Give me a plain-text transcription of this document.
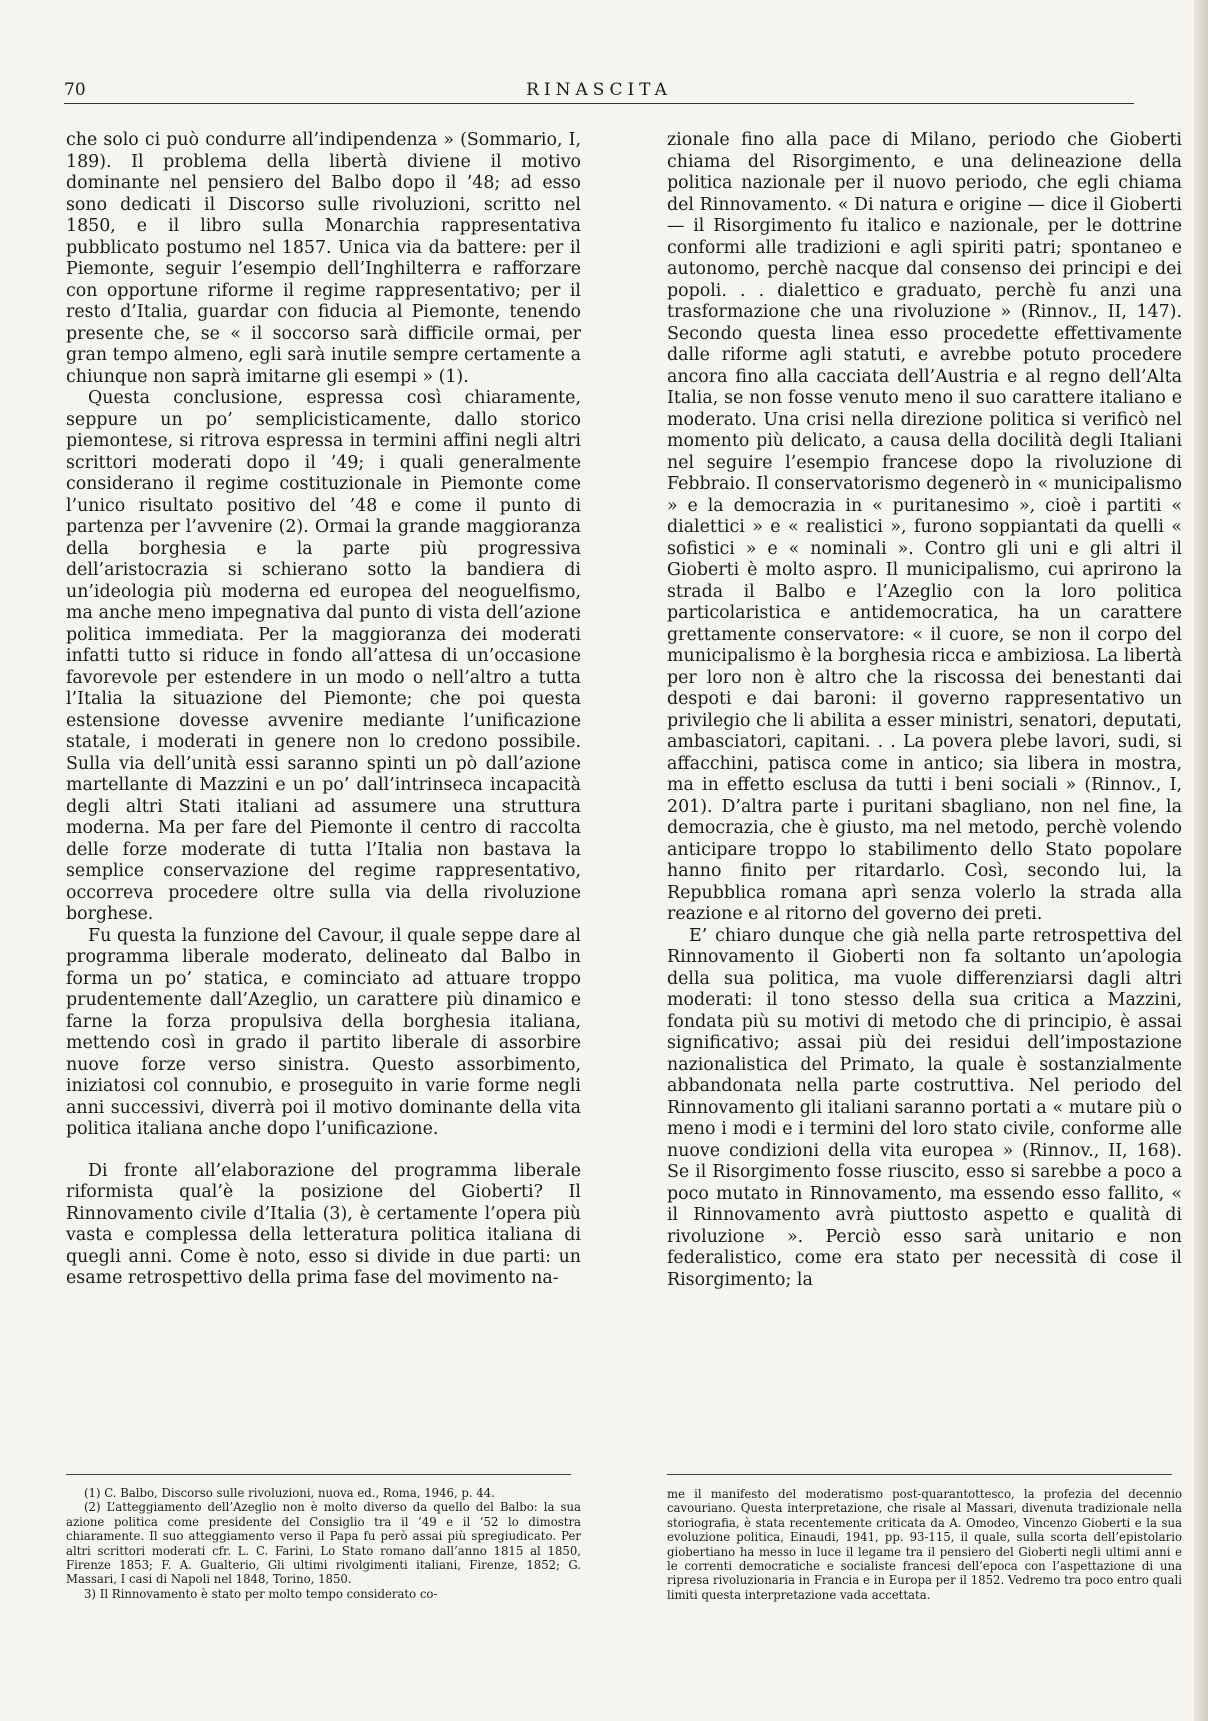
70	RINASCITA

che solo ci può condurre all’indipendenza » (Sommario, I, 189). Il problema della libertà diviene il motivo dominante nel pensiero del Balbo dopo il ’48; ad esso sono dedicati il Discorso sulle rivoluzioni, scritto nel 1850, e il libro sulla Monarchia rappresentativa pubblicato postumo nel 1857. Unica via da battere: per il Piemonte, seguir l’esempio dell’Inghilterra e rafforzare con opportune riforme il regime rappresentativo; per il resto d’Italia, guardar con fiducia al Piemonte, tenendo presente che, se « il soccorso sarà difficile ormai, per gran tempo almeno, egli sarà inutile sempre certamente a chiunque non saprà imitarne gli esempi » (1).

Questa conclusione, espressa così chiaramente, seppure un po’ semplicisticamente, dallo storico piemontese, si ritrova espressa in termini affini negli altri scrittori moderati dopo il ’49; i quali generalmente considerano il regime costituzionale in Piemonte come l’unico risultato positivo del ’48 e come il punto di partenza per l’avvenire (2). Ormai la grande maggioranza della borghesia e la parte più progressiva dell’aristocrazia si schierano sotto la bandiera di un’ideologia più moderna ed europea del neoguelfismo, ma anche meno impegnativa dal punto di vista dell’azione politica immediata. Per la maggioranza dei moderati infatti tutto si riduce in fondo all’attesa di un’occasione favorevole per estendere in un modo o nell’altro a tutta l’Italia la situazione del Piemonte; che poi questa estensione dovesse avvenire mediante l’unificazione statale, i moderati in genere non lo credono possibile. Sulla via dell’unità essi saranno spinti un pò dall’azione martellante di Mazzini e un po’ dall’intrinseca incapacità degli altri Stati italiani ad assumere una struttura moderna. Ma per fare del Piemonte il centro di raccolta delle forze moderate di tutta l’Italia non bastava la semplice conservazione del regime rappresentativo, occorreva procedere oltre sulla via della rivoluzione borghese.

Fu questa la funzione del Cavour, il quale seppe dare al programma liberale moderato, delineato dal Balbo in forma un po’ statica, e cominciato ad attuare troppo prudentemente dall’Azeglio, un carattere più dinamico e farne la forza propulsiva della borghesia italiana, mettendo così in grado il partito liberale di assorbire nuove forze verso sinistra. Questo assorbimento, iniziatosi col connubio, e proseguito in varie forme negli anni successivi, diverrà poi il motivo dominante della vita politica italiana anche dopo l’unificazione.

Di fronte all’elaborazione del programma liberale riformista qual’è la posizione del Gioberti? Il Rinnovamento civile d’Italia (3), è certamente l’opera più vasta e complessa della letteratura politica italiana di quegli anni. Come è noto, esso si divide in due parti: un esame retrospettivo della prima fase del movimento na-

zionale fino alla pace di Milano, periodo che Gioberti chiama del Risorgimento, e una delineazione della politica nazionale per il nuovo periodo, che egli chiama del Rinnovamento. « Di natura e origine — dice il Gioberti — il Risorgimento fu italico e nazionale, per le dottrine conformi alle tradizioni e agli spiriti patri; spontaneo e autonomo, perchè nacque dal consenso dei principi e dei popoli. . . dialettico e graduato, perchè fu anzi una trasformazione che una rivoluzione » (Rinnov., II, 147). Secondo questa linea esso procedette effettivamente dalle riforme agli statuti, e avrebbe potuto procedere ancora fino alla cacciata dell’Austria e al regno dell’Alta Italia, se non fosse venuto meno il suo carattere italiano e moderato. Una crisi nella direzione politica si verificò nel momento più delicato, a causa della docilità degli Italiani nel seguire l’esempio francese dopo la rivoluzione di Febbraio. Il conservatorismo degenerò in « municipalismo » e la democrazia in « puritanesimo », cioè i partiti « dialettici » e « realistici », furono soppiantati da quelli « sofistici » e « nominali ». Contro gli uni e gli altri il Gioberti è molto aspro. Il municipalismo, cui aprirono la strada il Balbo e l’Azeglio con la loro politica particolaristica e antidemocratica, ha un carattere grettamente conservatore: « il cuore, se non il corpo del municipalismo è la borghesia ricca e ambiziosa. La libertà per loro non è altro che la riscossa dei benestanti dai despoti e dai baroni: il governo rappresentativo un privilegio che li abilita a esser ministri, senatori, deputati, ambasciatori, capitani. . . La povera plebe lavori, sudi, si affacchini, patisca come in antico; sia libera in mostra, ma in effetto esclusa da tutti i beni sociali » (Rinnov., I, 201). D’altra parte i puritani sbagliano, non nel fine, la democrazia, che è giusto, ma nel metodo, perchè volendo anticipare troppo lo stabilimento dello Stato popolare hanno finito per ritardarlo. Così, secondo lui, la Repubblica romana aprì senza volerlo la strada alla reazione e al ritorno del governo dei preti.

E’ chiaro dunque che già nella parte retrospettiva del Rinnovamento il Gioberti non fa soltanto un’apologia della sua politica, ma vuole differenziarsi dagli altri moderati: il tono stesso della sua critica a Mazzini, fondata più su motivi di metodo che di principio, è assai significativo; assai più dei residui dell’impostazione nazionalistica del Primato, la quale è sostanzialmente abbandonata nella parte costruttiva. Nel periodo del Rinnovamento gli italiani saranno portati a « mutare più o meno i modi e i termini del loro stato civile, conforme alle nuove condizioni della vita europea » (Rinnov., II, 168). Se il Risorgimento fosse riuscito, esso si sarebbe a poco a poco mutato in Rinnovamento, ma essendo esso fallito, « il Rinnovamento avrà piuttosto aspetto e qualità di rivoluzione ». Perciò esso sarà unitario e non federalistico, come era stato per necessità di cose il Risorgimento; la

(1) C. Balbo, Discorso sulle rivoluzioni, nuova ed., Roma, 1946, p. 44.

(2) L’atteggiamento dell’Azeglio non è molto diverso da quello del Balbo: la sua azione politica come presidente del Consiglio tra il ’49 e il ’52 lo dimostra chiaramente. Il suo atteggiamento verso il Papa fu però assai più spregiudicato. Per altri scrittori moderati cfr. L. C. Farini, Lo Stato romano dall’anno 1815 al 1850, Firenze 1853; F. A. Gualterio, Gli ultimi rivolgimenti italiani, Firenze, 1852; G. Massari, I casi di Napoli nel 1848, Torino, 1850.

3) Il Rinnovamento è stato per molto tempo considerato co-

me il manifesto del moderatismo post-quarantottesco, la profezia del decennio cavouriano. Questa interpretazione, che risale al Massari, divenuta tradizionale nella storiografia, è stata recentemente criticata da A. Omodeo, Vincenzo Gioberti e la sua evoluzione politica, Einaudi, 1941, pp. 93-115, il quale, sulla scorta dell’epistolario giobertiano ha messo in luce il legame tra il pensiero del Gioberti negli ultimi anni e le correnti democratiche e socialiste francesi dell’epoca con l’aspettazione di una ripresa rivoluzionaria in Francia e in Europa per il 1852. Vedremo tra poco entro quali limiti questa interpretazione vada accettata.
